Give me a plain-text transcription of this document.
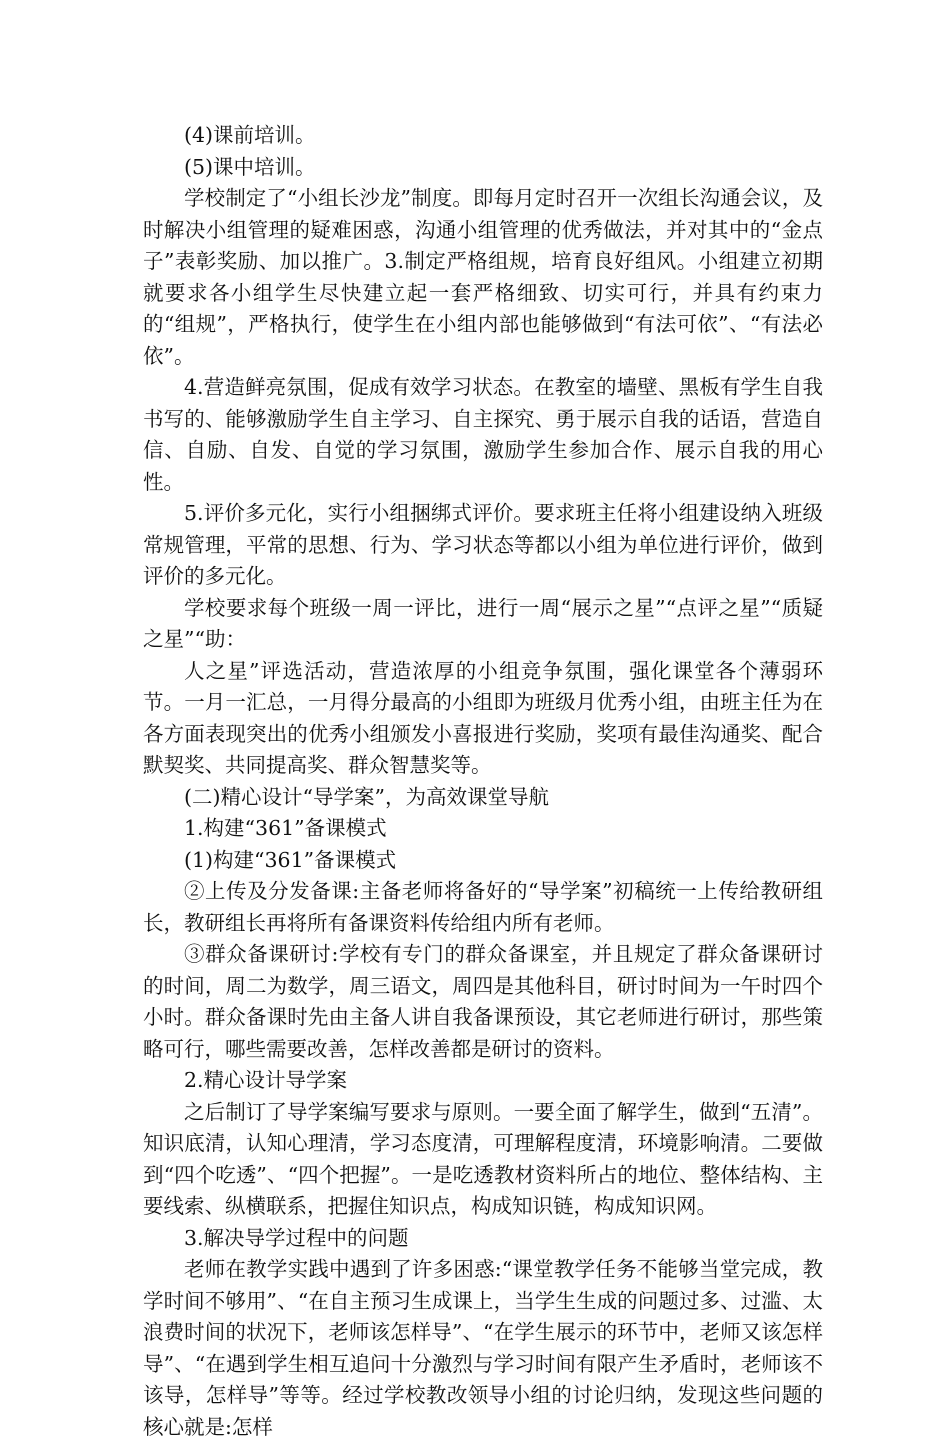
(4)课前培训。

(5)课中培训。

学校制定了“小组长沙龙”制度。即每月定时召开一次组长沟通会议，及时解决小组管理的疑难困惑，沟通小组管理的优秀做法，并对其中的“金点子”表彰奖励、加以推广。3.制定严格组规，培育良好组风。小组建立初期就要求各小组学生尽快建立起一套严格细致、切实可行，并具有约束力的“组规”，严格执行，使学生在小组内部也能够做到“有法可依”、“有法必依”。

4.营造鲜亮氛围，促成有效学习状态。在教室的墙壁、黑板有学生自我书写的、能够激励学生自主学习、自主探究、勇于展示自我的话语，营造自信、自励、自发、自觉的学习氛围，激励学生参加合作、展示自我的用心性。

5.评价多元化，实行小组捆绑式评价。要求班主任将小组建设纳入班级常规管理，平常的思想、行为、学习状态等都以小组为单位进行评价，做到评价的多元化。

学校要求每个班级一周一评比，进行一周“展示之星”“点评之星”“质疑之星”“助：

人之星”评选活动，营造浓厚的小组竞争氛围，强化课堂各个薄弱环节。一月一汇总，一月得分最高的小组即为班级月优秀小组，由班主任为在各方面表现突出的优秀小组颁发小喜报进行奖励，奖项有最佳沟通奖、配合默契奖、共同提高奖、群众智慧奖等。

(二)精心设计“导学案”，为高效课堂导航

1.构建“361”备课模式

(1)构建“361”备课模式

②上传及分发备课:主备老师将备好的“导学案”初稿统一上传给教研组长，教研组长再将所有备课资料传给组内所有老师。

③群众备课研讨:学校有专门的群众备课室，并且规定了群众备课研讨的时间，周二为数学，周三语文，周四是其他科目，研讨时间为一午时四个小时。群众备课时先由主备人讲自我备课预设，其它老师进行研讨，那些策略可行，哪些需要改善，怎样改善都是研讨的资料。

2.精心设计导学案

之后制订了导学案编写要求与原则。一要全面了解学生，做到“五清”。知识底清，认知心理清，学习态度清，可理解程度清，环境影响清。二要做到“四个吃透”、“四个把握”。一是吃透教材资料所占的地位、整体结构、主要线索、纵横联系，把握住知识点，构成知识链，构成知识网。

3.解决导学过程中的问题

老师在教学实践中遇到了许多困惑:“课堂教学任务不能够当堂完成，教学时间不够用”、“在自主预习生成课上，当学生生成的问题过多、过滥、太浪费时间的状况下，老师该怎样导”、“在学生展示的环节中，老师又该怎样导”、“在遇到学生相互追问十分激烈与学习时间有限产生矛盾时，老师该不该导，怎样导”等等。经过学校教改领导小组的讨论归纳，发现这些问题的核心就是:怎样
